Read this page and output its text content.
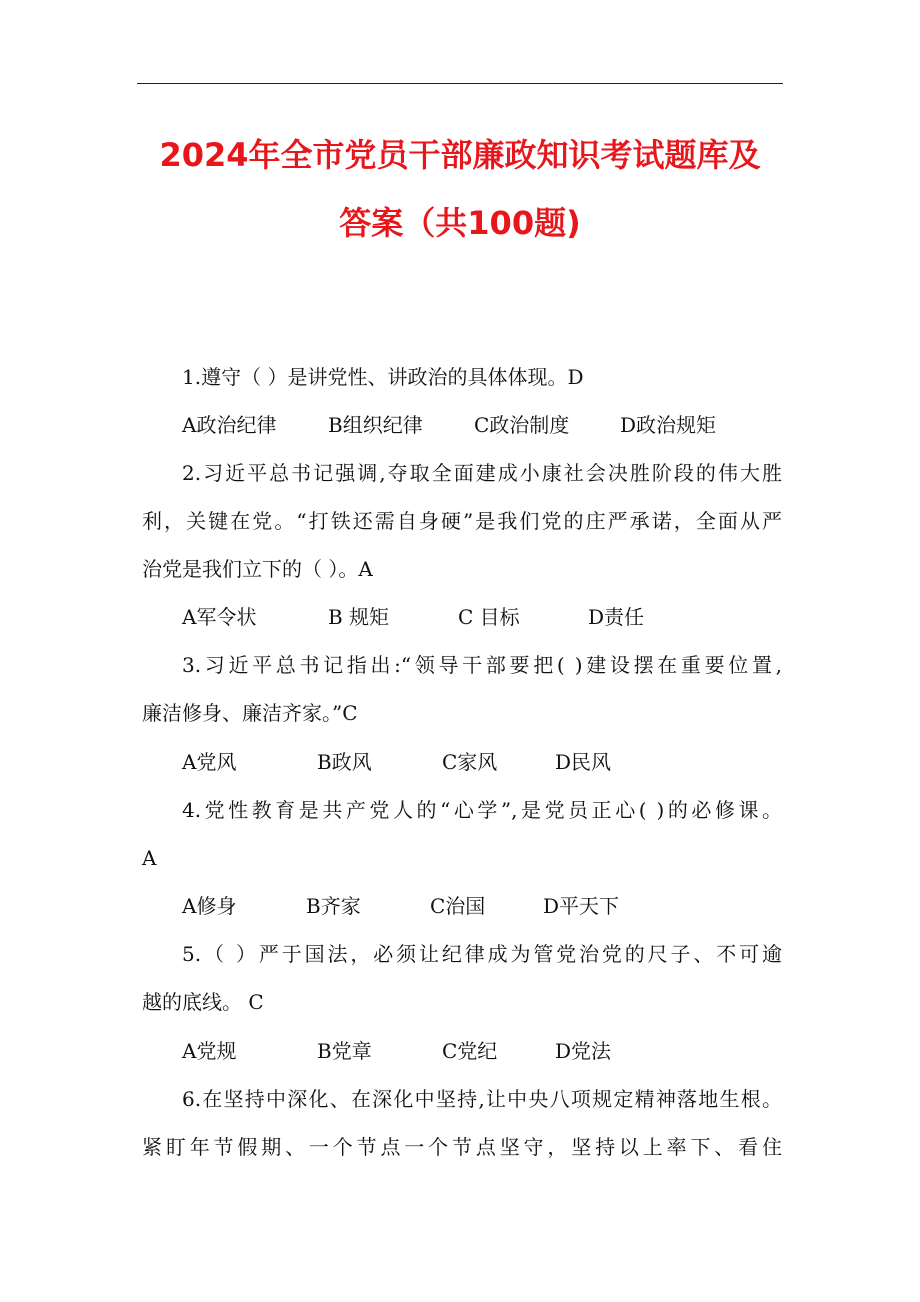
2024年全市党员干部廉政知识考试题库及
答案（共100题)
1.遵守（ ）是讲党性、讲政治的具体体现。D
A政治纪律	B组织纪律	C政治制度	D政治规矩
2.习近平总书记强调,夺取全面建成小康社会决胜阶段的伟大胜
利，关键在党。“打铁还需自身硬”是我们党的庄严承诺，全面从严
治党是我们立下的（ ）。A
A军令状	B 规矩	C 目标	D责任
3.习近平总书记指出:“领导干部要把( )建设摆在重要位置,
廉洁修身、廉洁齐家。”C
A党风	B政风	C家风	D民风
4.党性教育是共产党人的“心学”,是党员正心( )的必修课。
A
A修身	B齐家	C治国	D平天下
5.（ ）严于国法，必须让纪律成为管党治党的尺子、不可逾
越的底线。 C
A党规	B党章	C党纪	D党法
6.在坚持中深化、在深化中坚持,让中央八项规定精神落地生根。
紧盯年节假期、一个节点一个节点坚守，坚持以上率下、看住
